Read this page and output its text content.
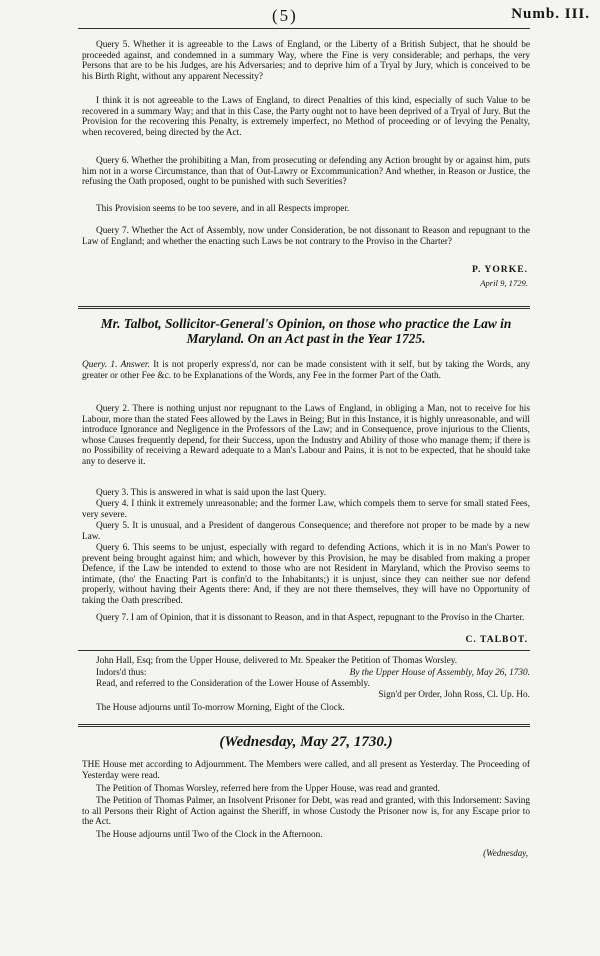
(5)	Numb. III.

Query 5. Whether it is agreeable to the Laws of England, or the Liberty of a British Subject, that he should be proceeded against, and condemned in a summary Way, where the Fine is very considerable; and perhaps, the very Persons that are to be his Judges, are his Adversaries; and to deprive him of a Tryal by Jury, which is conceived to be his Birth Right, without any apparent Necessity?

I think it is not agreeable to the Laws of England, to direct Penalties of this kind, especially of such Value to be recovered in a summary Way; and that in this Case, the Party ought not to have been deprived of a Tryal of Jury. But the Provision for the recovering this Penalty, is extremely imperfect, no Method of proceeding or of levying the Penalty, when recovered, being directed by the Act.

Query 6. Whether the prohibiting a Man, from prosecuting or defending any Action brought by or against him, puts him not in a worse Circumstance, than that of Out-Lawry or Excommunication? And whether, in Reason or Justice, the refusing the Oath proposed, ought to be punished with such Severities?

This Provision seems to be too severe, and in all Respects improper.

Query 7. Whether the Act of Assembly, now under Consideration, be not dissonant to Reason and repugnant to the Law of England; and whether the enacting such Laws be not contrary to the Proviso in the Charter?

P. YORKE.
April 9, 1729.

Mr. Talbot, Sollicitor-General's Opinion, on those who practice the Law in Maryland. On an Act past in the Year 1725.

Query. 1. Answer. It is not properly express'd, nor can be made consistent with it self, but by taking the Words, any greater or other Fee &c. to be Explanations of the Words, any Fee in the former Part of the Oath.

Query 2. There is nothing unjust nor repugnant to the Laws of England, in obliging a Man, not to receive for his Labour, more than the stated Fees allowed by the Laws in Being; But in this Instance, it is highly unreasonable, and will introduce Ignorance and Negligence in the Professors of the Law; and in Consequence, prove injurious to the Clients, whose Causes frequently depend, for their Success, upon the Industry and Ability of those who manage them; if there is no Possibility of receiving a Reward adequate to a Man's Labour and Pains, it is not to be expected, that he should take any to deserve it.

Query 3. This is answered in what is said upon the last Query.

Query 4. I think it extremely unreasonable; and the former Law, which compels them to serve for small stated Fees, very severe.

Query 5. It is unusual, and a President of dangerous Consequence; and therefore not proper to be made by a new Law.

Query 6. This seems to be unjust, especially with regard to defending Actions, which it is in no Man's Power to prevent being brought against him; and which, however by this Provision, he may be disabled from making a proper Defence, if the Law be intended to extend to those who are not Resident in Maryland, which the Proviso seems to intimate, (tho' the Enacting Part is confin'd to the Inhabitants;) it is unjust, since they can neither sue nor defend properly, without having their Agents there: And, if they are not there themselves, they will have no Opportunity of taking the Oath prescribed.

Query 7. I am of Opinion, that it is dissonant to Reason, and in that Aspect, repugnant to the Proviso in the Charter.

C. TALBOT.

John Hall, Esq; from the Upper House, delivered to Mr. Speaker the Petition of Thomas Worsley.

Indors'd thus:	By the Upper House of Assembly, May 26, 1730.

Read, and referred to the Consideration of the Lower House of Assembly.

Sign'd per Order, John Ross, Cl. Up. Ho.

The House adjourns until To-morrow Morning, Eight of the Clock.

(Wednesday, May 27, 1730.)

THE House met according to Adjournment. The Members were called, and all present as Yesterday. The Proceeding of Yesterday were read.

The Petition of Thomas Worsley, referred here from the Upper House, was read and granted.

The Petition of Thomas Palmer, an Insolvent Prisoner for Debt, was read and granted, with this Indorsement: Saving to all Persons their Right of Action against the Sheriff, in whose Custody the Prisoner now is, for any Escape prior to the Act.

The House adjourns until Two of the Clock in the Afternoon.

(Wednesday,
